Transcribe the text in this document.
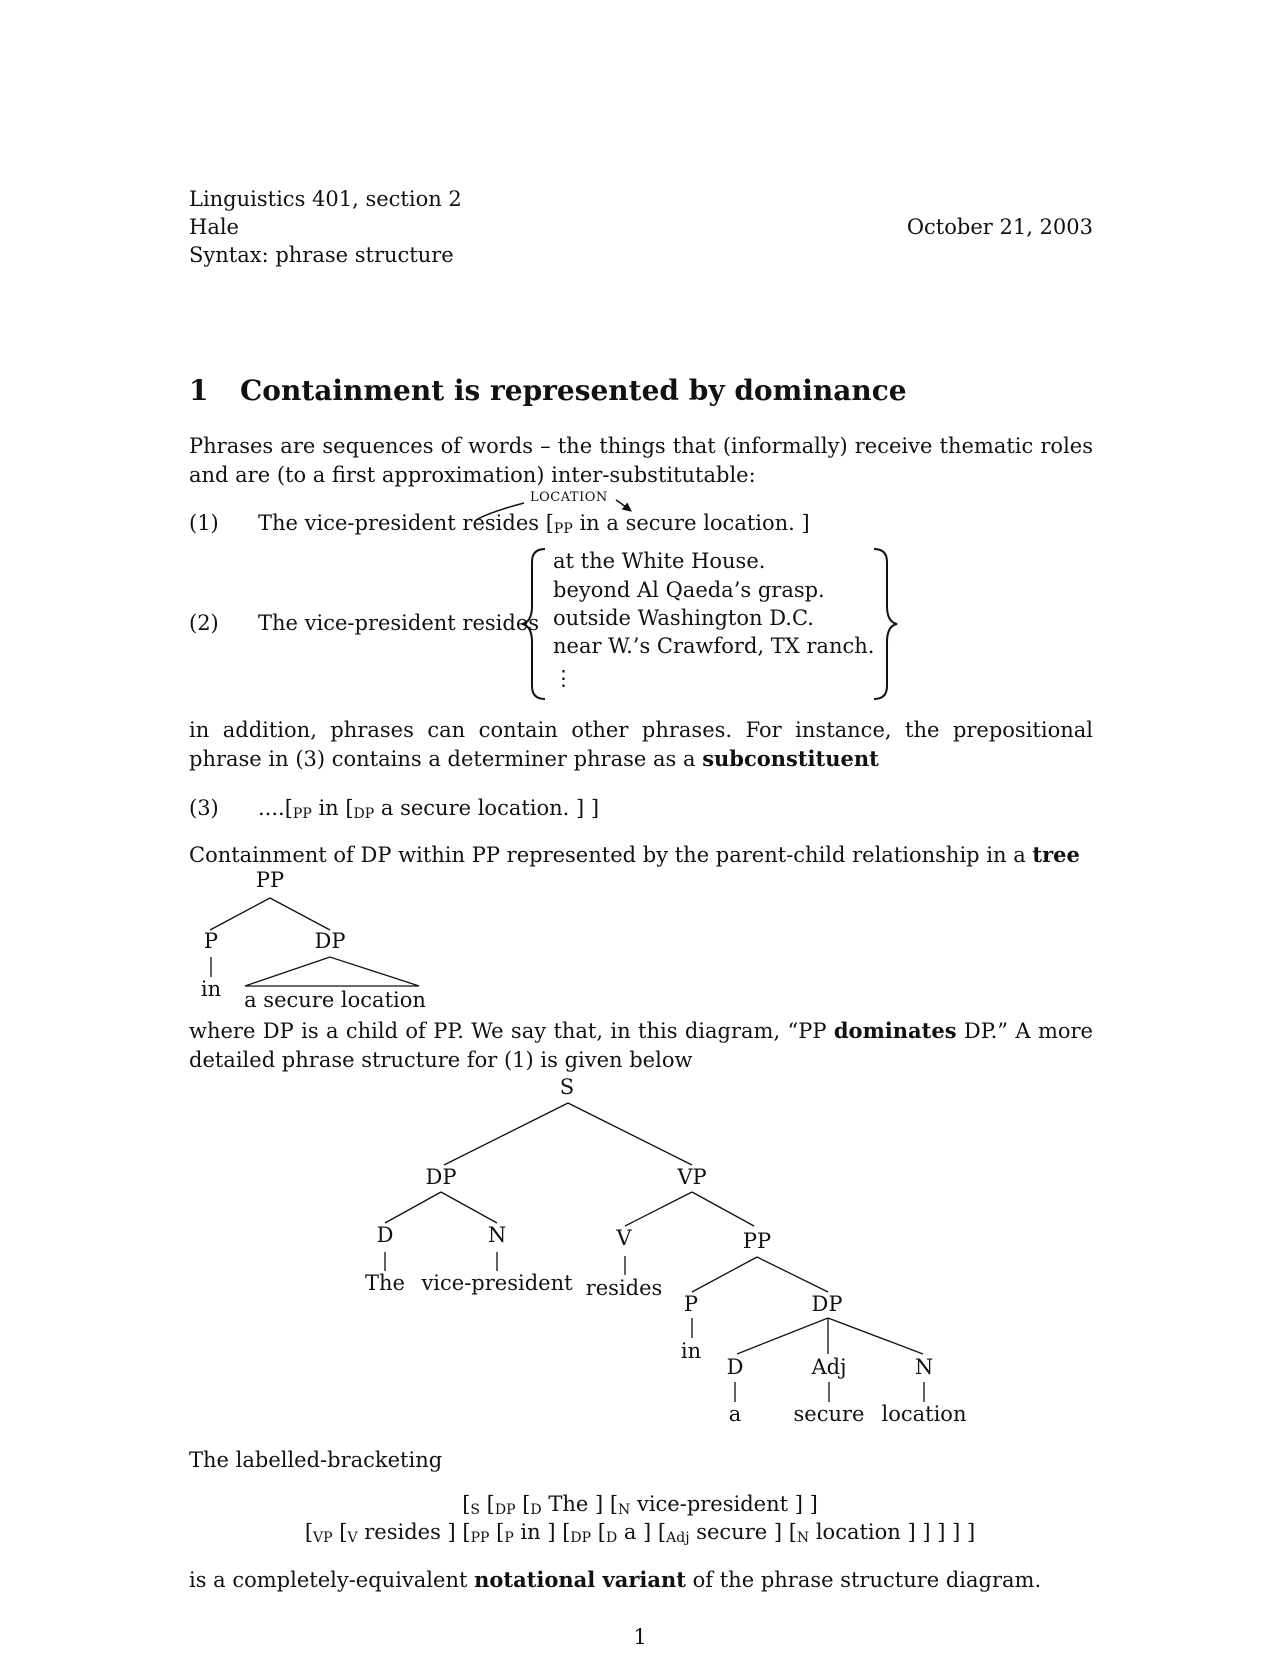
Linguistics 401, section 2
Hale
Syntax: phrase structure
October 21, 2003
1 Containment is represented by dominance
Phrases are sequences of words – the things that (informally) receive thematic roles and are (to a first approximation) inter-substitutable:
(1) The vice-president resides [$_{PP}$ in a secure location. ]
LOCATION
(2) The vice-president resides
at the White House.
beyond Al Qaeda’s grasp.
outside Washington D.C.
near W.’s Crawford, TX ranch.
⋮
in addition, phrases can contain other phrases. For instance, the prepositional phrase in (3) contains a determiner phrase as a subconstituent
(3) $....[_{PP}$ in [$_{DP}$ a secure location. ] ]
Containment of DP within PP represented by the parent-child relationship in a tree
PP
P	DP
in a secure location
where DP is a child of PP. We say that, in this diagram, “PP dominates DP.” A more detailed phrase structure for (1) is given below
S
DP	VP
D	N
The vice-president
V
resides
PP
P
in
DP
D	Adj	N
a secure location
The labelled-bracketing
[$_S$ [$_{DP}$ [$_D$ The ] [$_N$ vice-president ] ]
[$_{VP}$ [$_V$ resides ] [$_{PP}$ [$_P$ in ] [$_{DP}$ [$_D$ a ] [$_{Adj}$ secure ] [$_N$ location ] ] ] ] ]
is a completely-equivalent notational variant of the phrase structure diagram.
1
